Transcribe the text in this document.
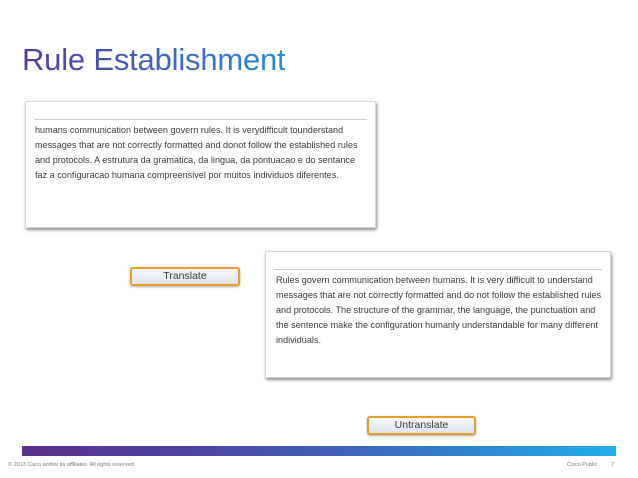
Rule Establishment

humans communication between govern rules. It is verydifficult tounderstand messages that are not correctly formatted and donot follow the established rules and protocols. A estrutura da gramatica, da lingua, da pontuacao e do sentance faz a configuracao humana compreensivel por muitos individuos diferentes.

Translate	Rules govern communication between humans. It is very difficult to understand messages that are not correctly formatted and do not follow the established rules and protocols. The structure of the grammar, the language, the punctuation and the sentence make the configuration humanly understandable for many different individuals.

Untranslate
© 2013 Cisco and/or its affiliates. All rights reserved.	Cisco Public 7
